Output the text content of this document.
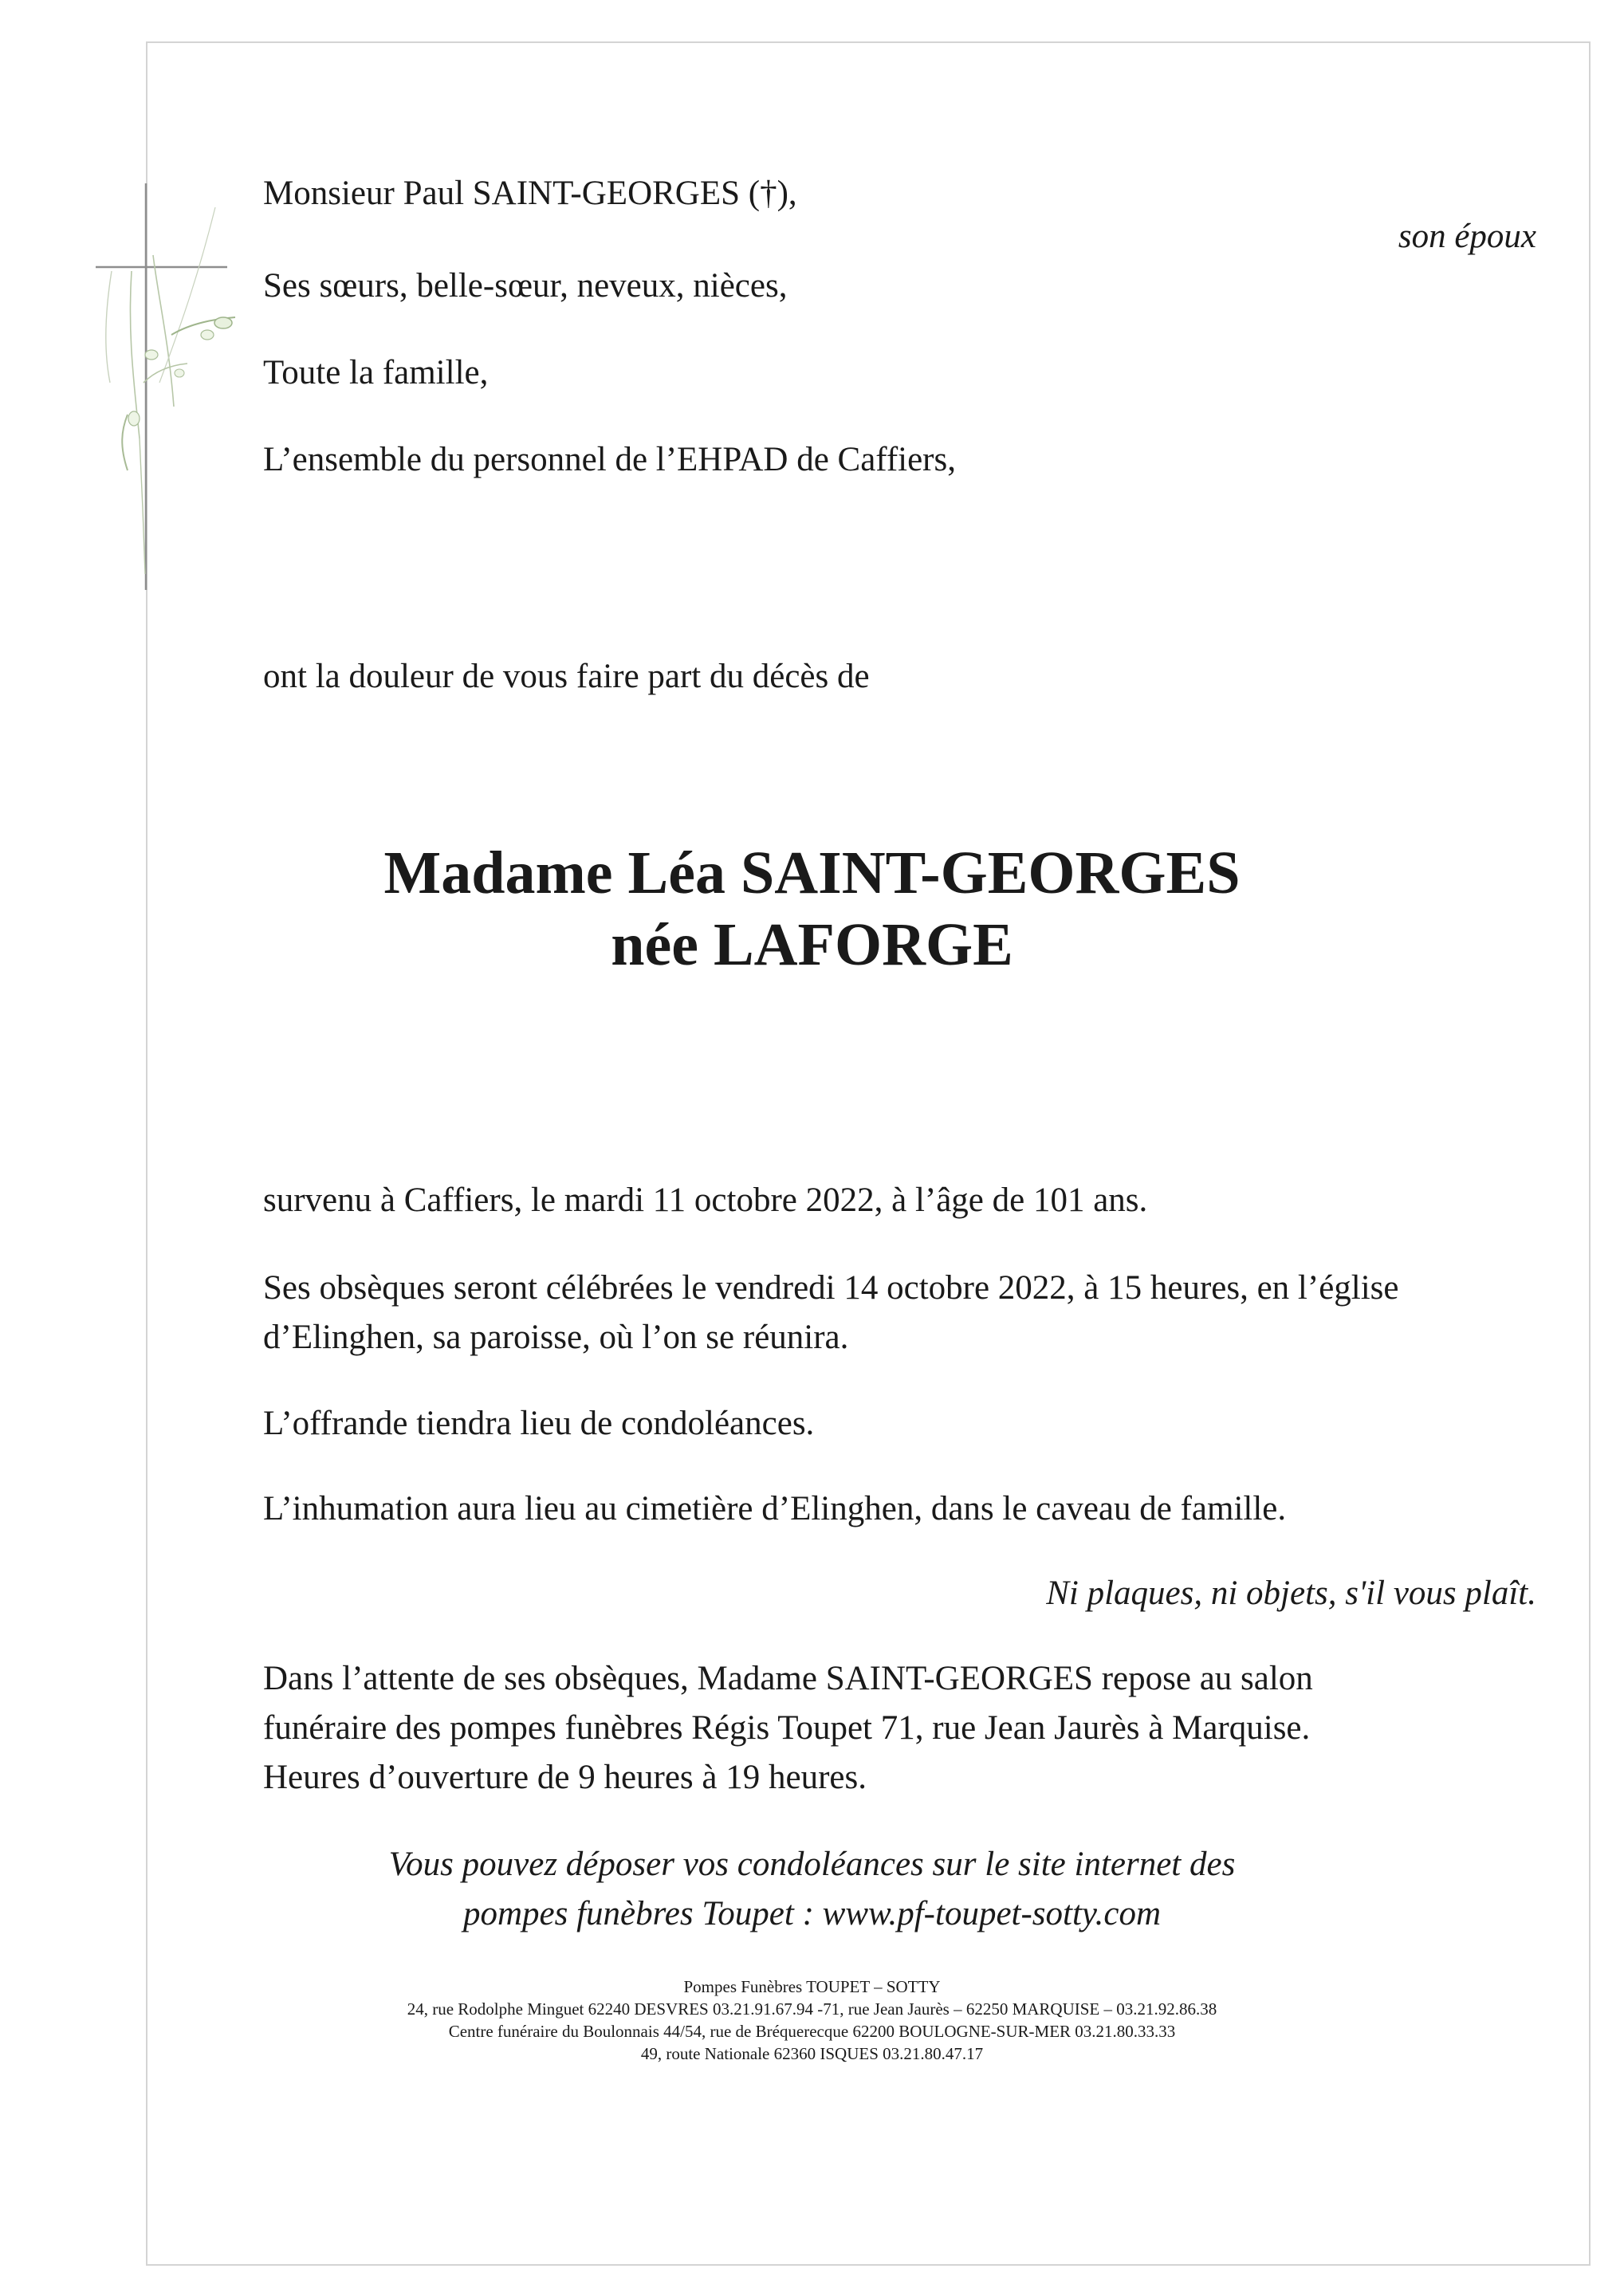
Monsieur Paul SAINT-GEORGES (†),
son époux
Ses sœurs, belle-sœur, neveux, nièces,
Toute la famille,
L’ensemble du personnel de l’EHPAD de Caffiers,
ont la douleur de vous faire part du décès de
Madame Léa SAINT-GEORGES
née LAFORGE
survenu à Caffiers, le mardi 11 octobre 2022, à l’âge de 101 ans.
Ses obsèques seront célébrées le vendredi 14 octobre 2022, à 15 heures, en l’église
d’Elinghen, sa paroisse, où l’on se réunira.
L’offrande tiendra lieu de condoléances.
L’inhumation aura lieu au cimetière d’Elinghen, dans le caveau de famille.
Ni plaques, ni objets, s'il vous plaît.
Dans l’attente de ses obsèques, Madame SAINT-GEORGES repose au salon
funéraire des pompes funèbres Régis Toupet 71, rue Jean Jaurès à Marquise.
Heures d’ouverture de 9 heures à 19 heures.
Vous pouvez déposer vos condoléances sur le site internet des
pompes funèbres Toupet : www.pf-toupet-sotty.com
Pompes Funèbres TOUPET – SOTTY
24, rue Rodolphe Minguet 62240 DESVRES 03.21.91.67.94 -71, rue Jean Jaurès – 62250 MARQUISE – 03.21.92.86.38
Centre funéraire du Boulonnais 44/54, rue de Bréquerecque 62200 BOULOGNE-SUR-MER 03.21.80.33.33
49, route Nationale 62360 ISQUES 03.21.80.47.17
